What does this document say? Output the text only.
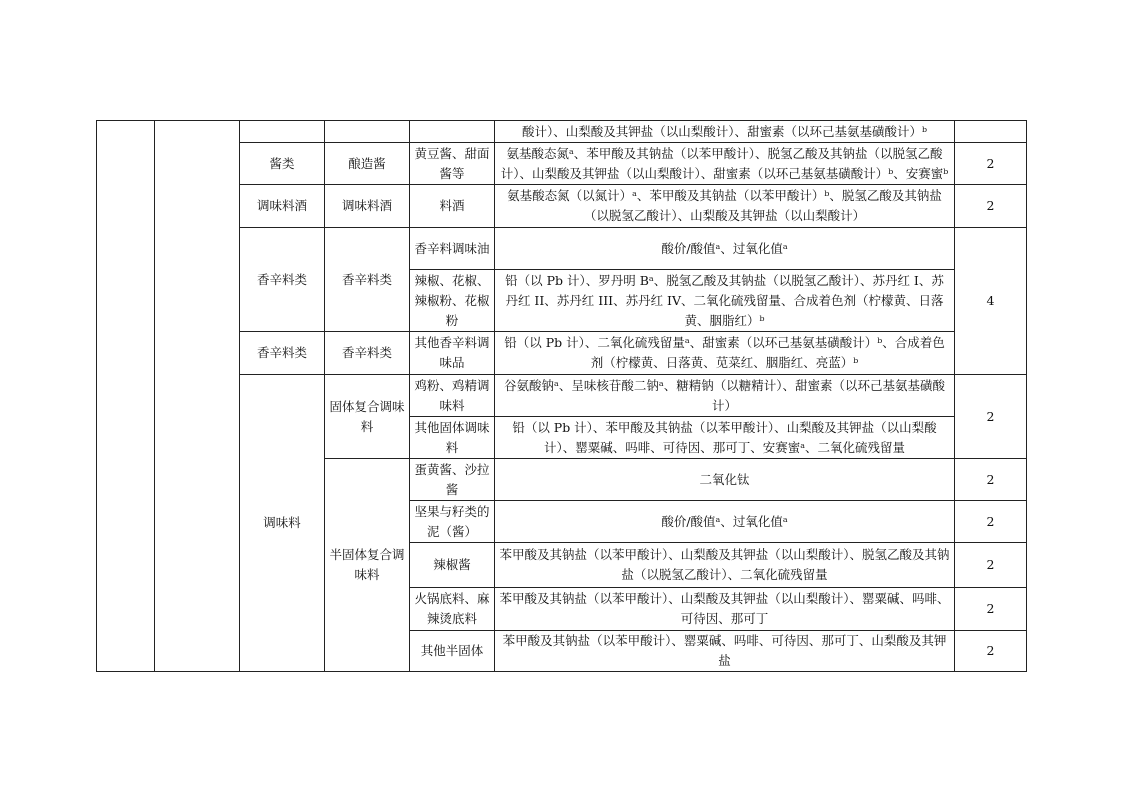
					酸计）、山梨酸及其钾盐（以山梨酸计）、甜蜜素（以环己基氨基磺酸计）ᵇ	
		酱类	酿造酱	黄豆酱、甜面酱等	氨基酸态氮ᵃ、苯甲酸及其钠盐（以苯甲酸计）、脱氢乙酸及其钠盐（以脱氢乙酸计）、山梨酸及其钾盐（以山梨酸计）、甜蜜素（以环己基氨基磺酸计）ᵇ、安赛蜜ᵇ	2
		调味料酒	调味料酒	料酒	氨基酸态氮（以氮计）ᵃ、苯甲酸及其钠盐（以苯甲酸计）ᵇ、脱氢乙酸及其钠盐（以脱氢乙酸计）、山梨酸及其钾盐（以山梨酸计）	2
		香辛料类	香辛料类	香辛料调味油	酸价/酸值ᵃ、过氧化值ᵃ	4
				辣椒、花椒、辣椒粉、花椒粉	铅（以 Pb 计）、罗丹明 Bᵃ、脱氢乙酸及其钠盐（以脱氢乙酸计）、苏丹红 I、苏丹红 II、苏丹红 III、苏丹红 IV、二氧化硫残留量、合成着色剂（柠檬黄、日落黄、胭脂红）ᵇ	
		香辛料类	香辛料类	其他香辛料调味品	铅（以 Pb 计）、二氧化硫残留量ᵃ、甜蜜素（以环己基氨基磺酸计）ᵇ、合成着色剂（柠檬黄、日落黄、苋菜红、胭脂红、亮蓝）ᵇ	
		调味料	固体复合调味料	鸡粉、鸡精调味料	谷氨酸钠ᵃ、呈味核苷酸二钠ᵃ、糖精钠（以糖精计）、甜蜜素（以环己基氨基磺酸计）	2
				其他固体调味料	铅（以 Pb 计）、苯甲酸及其钠盐（以苯甲酸计）、山梨酸及其钾盐（以山梨酸计）、罂粟碱、吗啡、可待因、那可丁、安赛蜜ᵃ、二氧化硫残留量	
			半固体复合调味料	蛋黄酱、沙拉酱	二氧化钛	2
				坚果与籽类的泥（酱）	酸价/酸值ᵃ、过氧化值ᵃ	2
				辣椒酱	苯甲酸及其钠盐（以苯甲酸计）、山梨酸及其钾盐（以山梨酸计）、脱氢乙酸及其钠盐（以脱氢乙酸计）、二氧化硫残留量	2
				火锅底料、麻辣烫底料	苯甲酸及其钠盐（以苯甲酸计）、山梨酸及其钾盐（以山梨酸计）、罂粟碱、吗啡、可待因、那可丁	2
				其他半固体	苯甲酸及其钠盐（以苯甲酸计）、罂粟碱、吗啡、可待因、那可丁、山梨酸及其钾盐	2
